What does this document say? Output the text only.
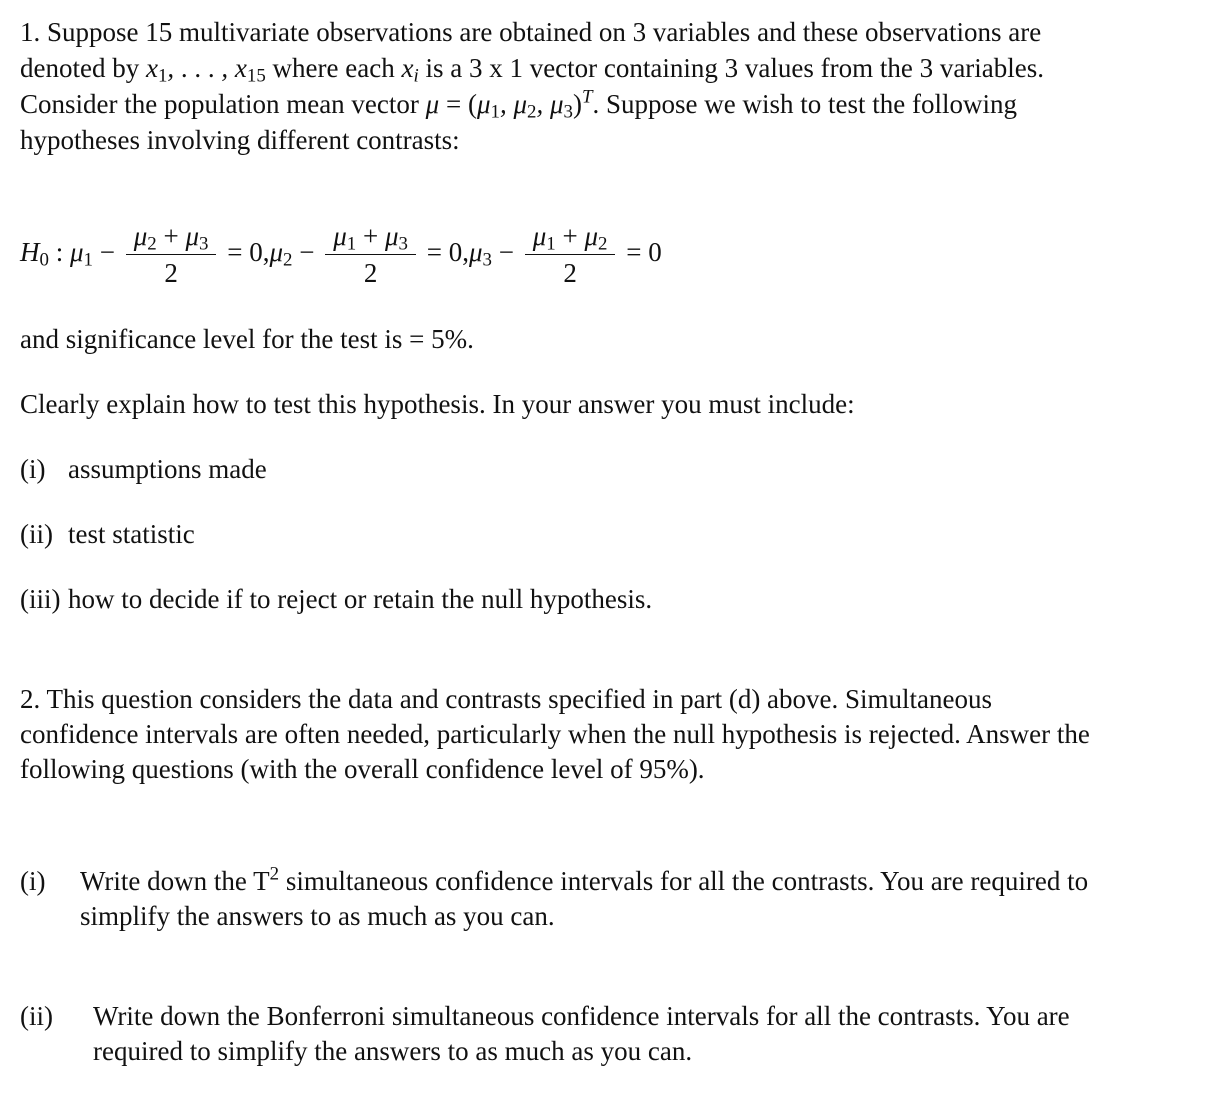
1. Suppose 15 multivariate observations are obtained on 3 variables and these observations are
denoted by $x_1$, . . . , $x_{15}$ where each $x_i$ is a 3 x 1 vector containing 3 values from the 3 variables.
Consider the population mean vector $\mu = (\mu_1$, $\mu_2$, $\mu_3)^T$. Suppose we wish to test the following
hypotheses involving different contrasts:
$H_0$ : $\mu_1 - \frac{\mu_2 + \mu_3}{2} = 0,\mu_2 - \frac{\mu_1 + \mu_3}{2} = 0,\mu_3 - \frac{\mu_1 + \mu_2}{2} = 0$
and significance level for the test is = 5%.
Clearly explain how to test this hypothesis. In your answer you must include:
(i) assumptions made
(ii) test statistic
(iii) how to decide if to reject or retain the null hypothesis.
2. This question considers the data and contrasts specified in part (d) above. Simultaneous
confidence intervals are often needed, particularly when the null hypothesis is rejected. Answer the
following questions (with the overall confidence level of 95%).
(i) Write down the $T^2$ simultaneous confidence intervals for all the contrasts. You are required to
simplify the answers to as much as you can.
(ii) Write down the Bonferroni simultaneous confidence intervals for all the contrasts. You are
required to simplify the answers to as much as you can.
